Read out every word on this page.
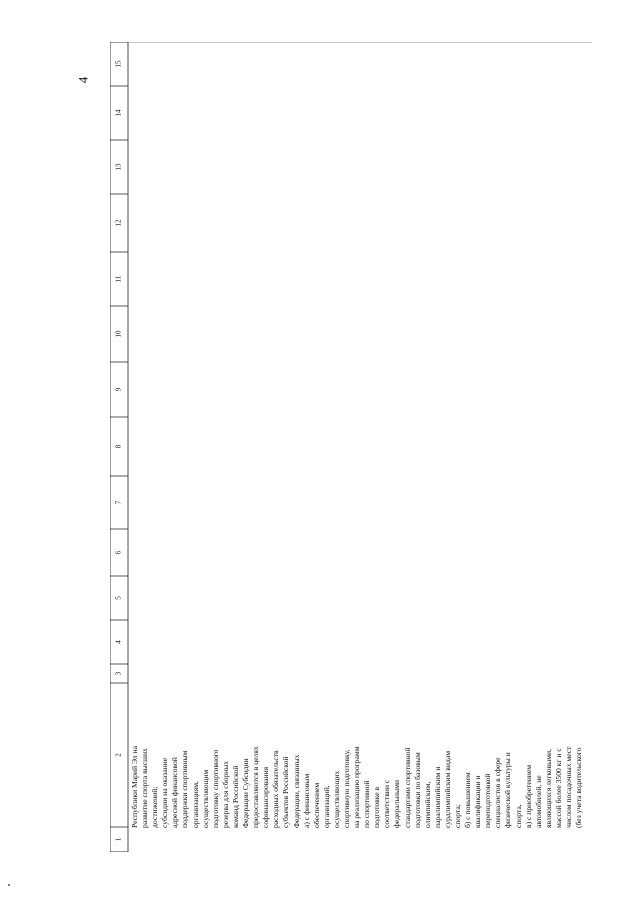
4
1
2
3
4
5
6
7
8
9
10
11
12
13
14
15
Республики Марий Эл на развитие спорта высших достижений; субсидии на оказание адресной финансовой поддержки спортивным организациям, осуществляющим подготовку спортивного резерва для сборных команд Российской Федерации Субсидии предоставляются в целях софинансирования расходных обязательств субъектов Российской Федерации, связанных а) с финансовым обеспечением организаций, осуществляющих спортивную подготовку, на реализацию программ по спортивной подготовке в соответствии с федеральными стандартами спортивной подготовки по базовым олимпийским, паралимпийским и сурдлимпийским видам спорта; б) с повышением квалификации и переподготовкой специалистов в сфере физической культуры и спорта, в) с приобретением автомобилей, не являющихся легковыми, массой более 3500 кг и с числом посадочных мест (без учета водительского
